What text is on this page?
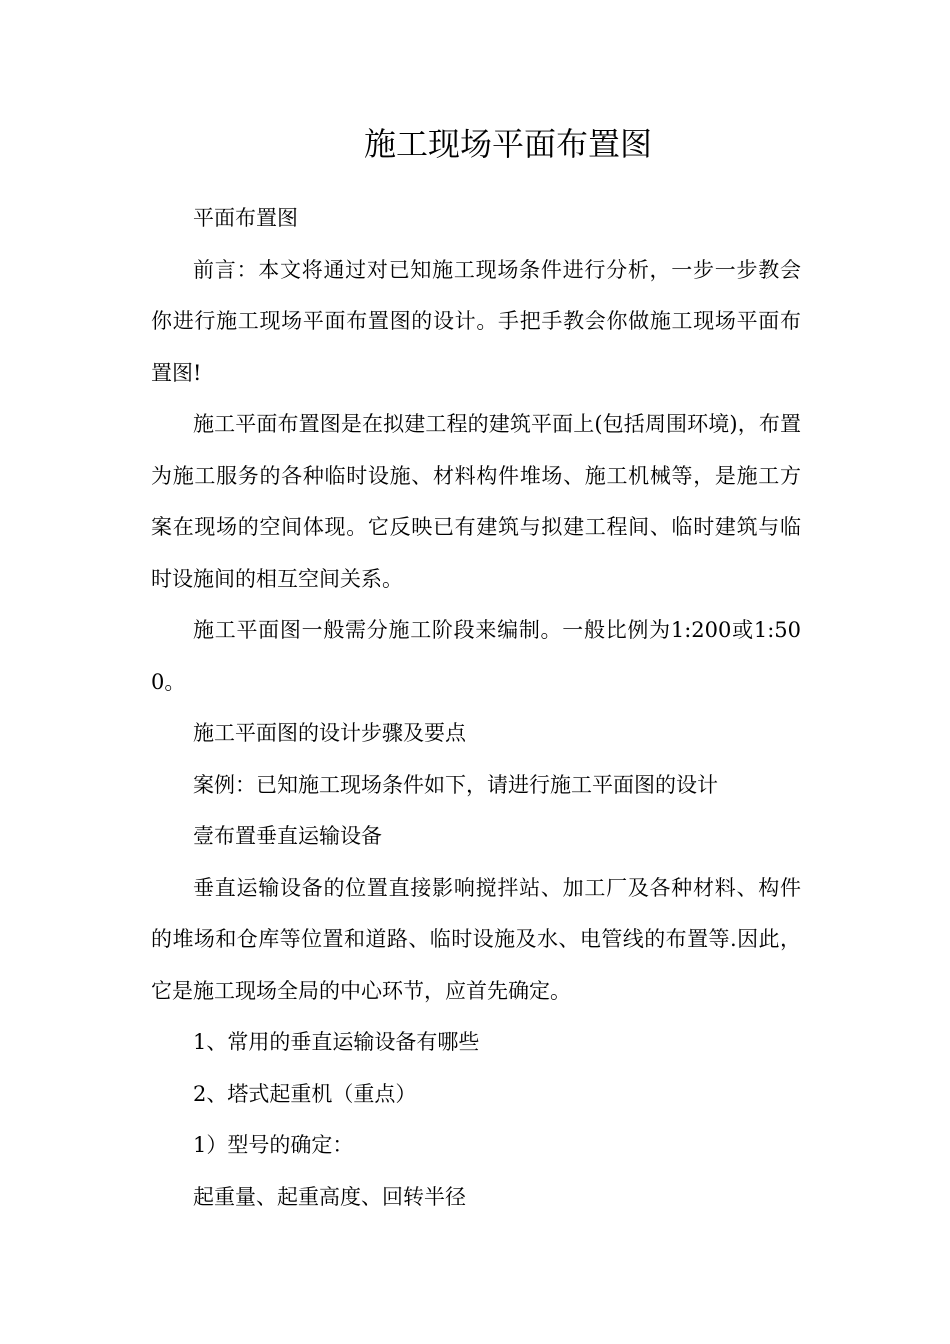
施工现场平面布置图

平面布置图

前言：本文将通过对已知施工现场条件进行分析，一步一步教会你进行施工现场平面布置图的设计。手把手教会你做施工现场平面布置图!

施工平面布置图是在拟建工程的建筑平面上(包括周围环境)，布置为施工服务的各种临时设施、材料构件堆场、施工机械等，是施工方案在现场的空间体现。它反映已有建筑与拟建工程间、临时建筑与临时设施间的相互空间关系。

施工平面图一般需分施工阶段来编制。一般比例为1:200或1:500。

施工平面图的设计步骤及要点

案例：已知施工现场条件如下，请进行施工平面图的设计

壹布置垂直运输设备

垂直运输设备的位置直接影响搅拌站、加工厂及各种材料、构件的堆场和仓库等位置和道路、临时设施及水、电管线的布置等.因此，它是施工现场全局的中心环节，应首先确定。

1、常用的垂直运输设备有哪些

2、塔式起重机（重点）

1）型号的确定：

起重量、起重高度、回转半径
